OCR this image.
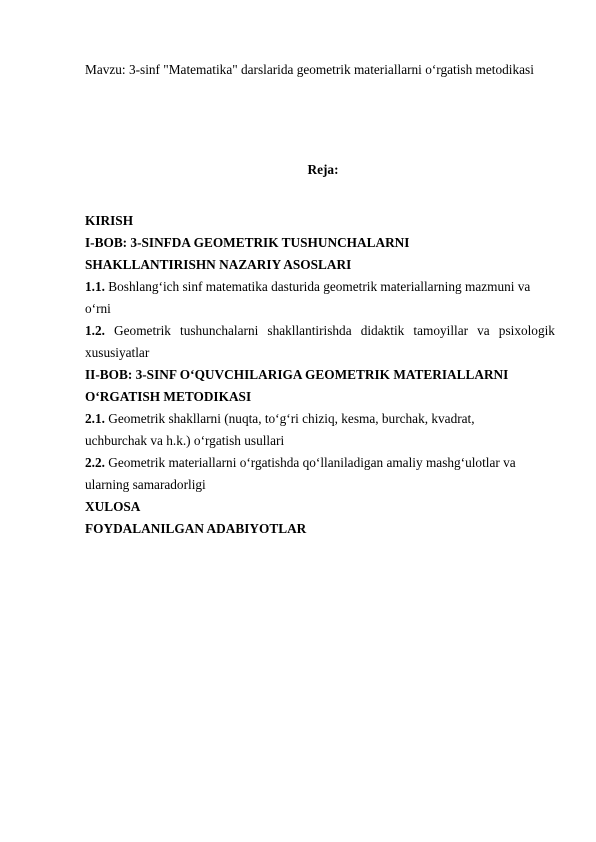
Mavzu: 3-sinf "Matematika" darslarida geometrik materiallarni o‘rgatish metodikasi
Reja:
KIRISH
I-BOB: 3-SINFDA GEOMETRIK TUSHUNCHALARNI
SHAKLLANTIRISHN NAZARIY ASOSLARI
1.1. Boshlang‘ich sinf matematika dasturida geometrik materiallarning mazmuni va
o‘rni
1.2. Geometrik tushunchalarni shakllantirishda didaktik tamoyillar va psixologik
xususiyatlar
II-BOB: 3-SINF O‘QUVCHILARIGA GEOMETRIK MATERIALLARNI
O‘RGATISH METODIKASI
2.1. Geometrik shakllarni (nuqta, to‘g‘ri chiziq, kesma, burchak, kvadrat,
uchburchak va h.k.) o‘rgatish usullari
2.2. Geometrik materiallarni o‘rgatishda qo‘llaniladigan amaliy mashg‘ulotlar va
ularning samaradorligi
XULOSA
FOYDALANILGAN ADABIYOTLAR
